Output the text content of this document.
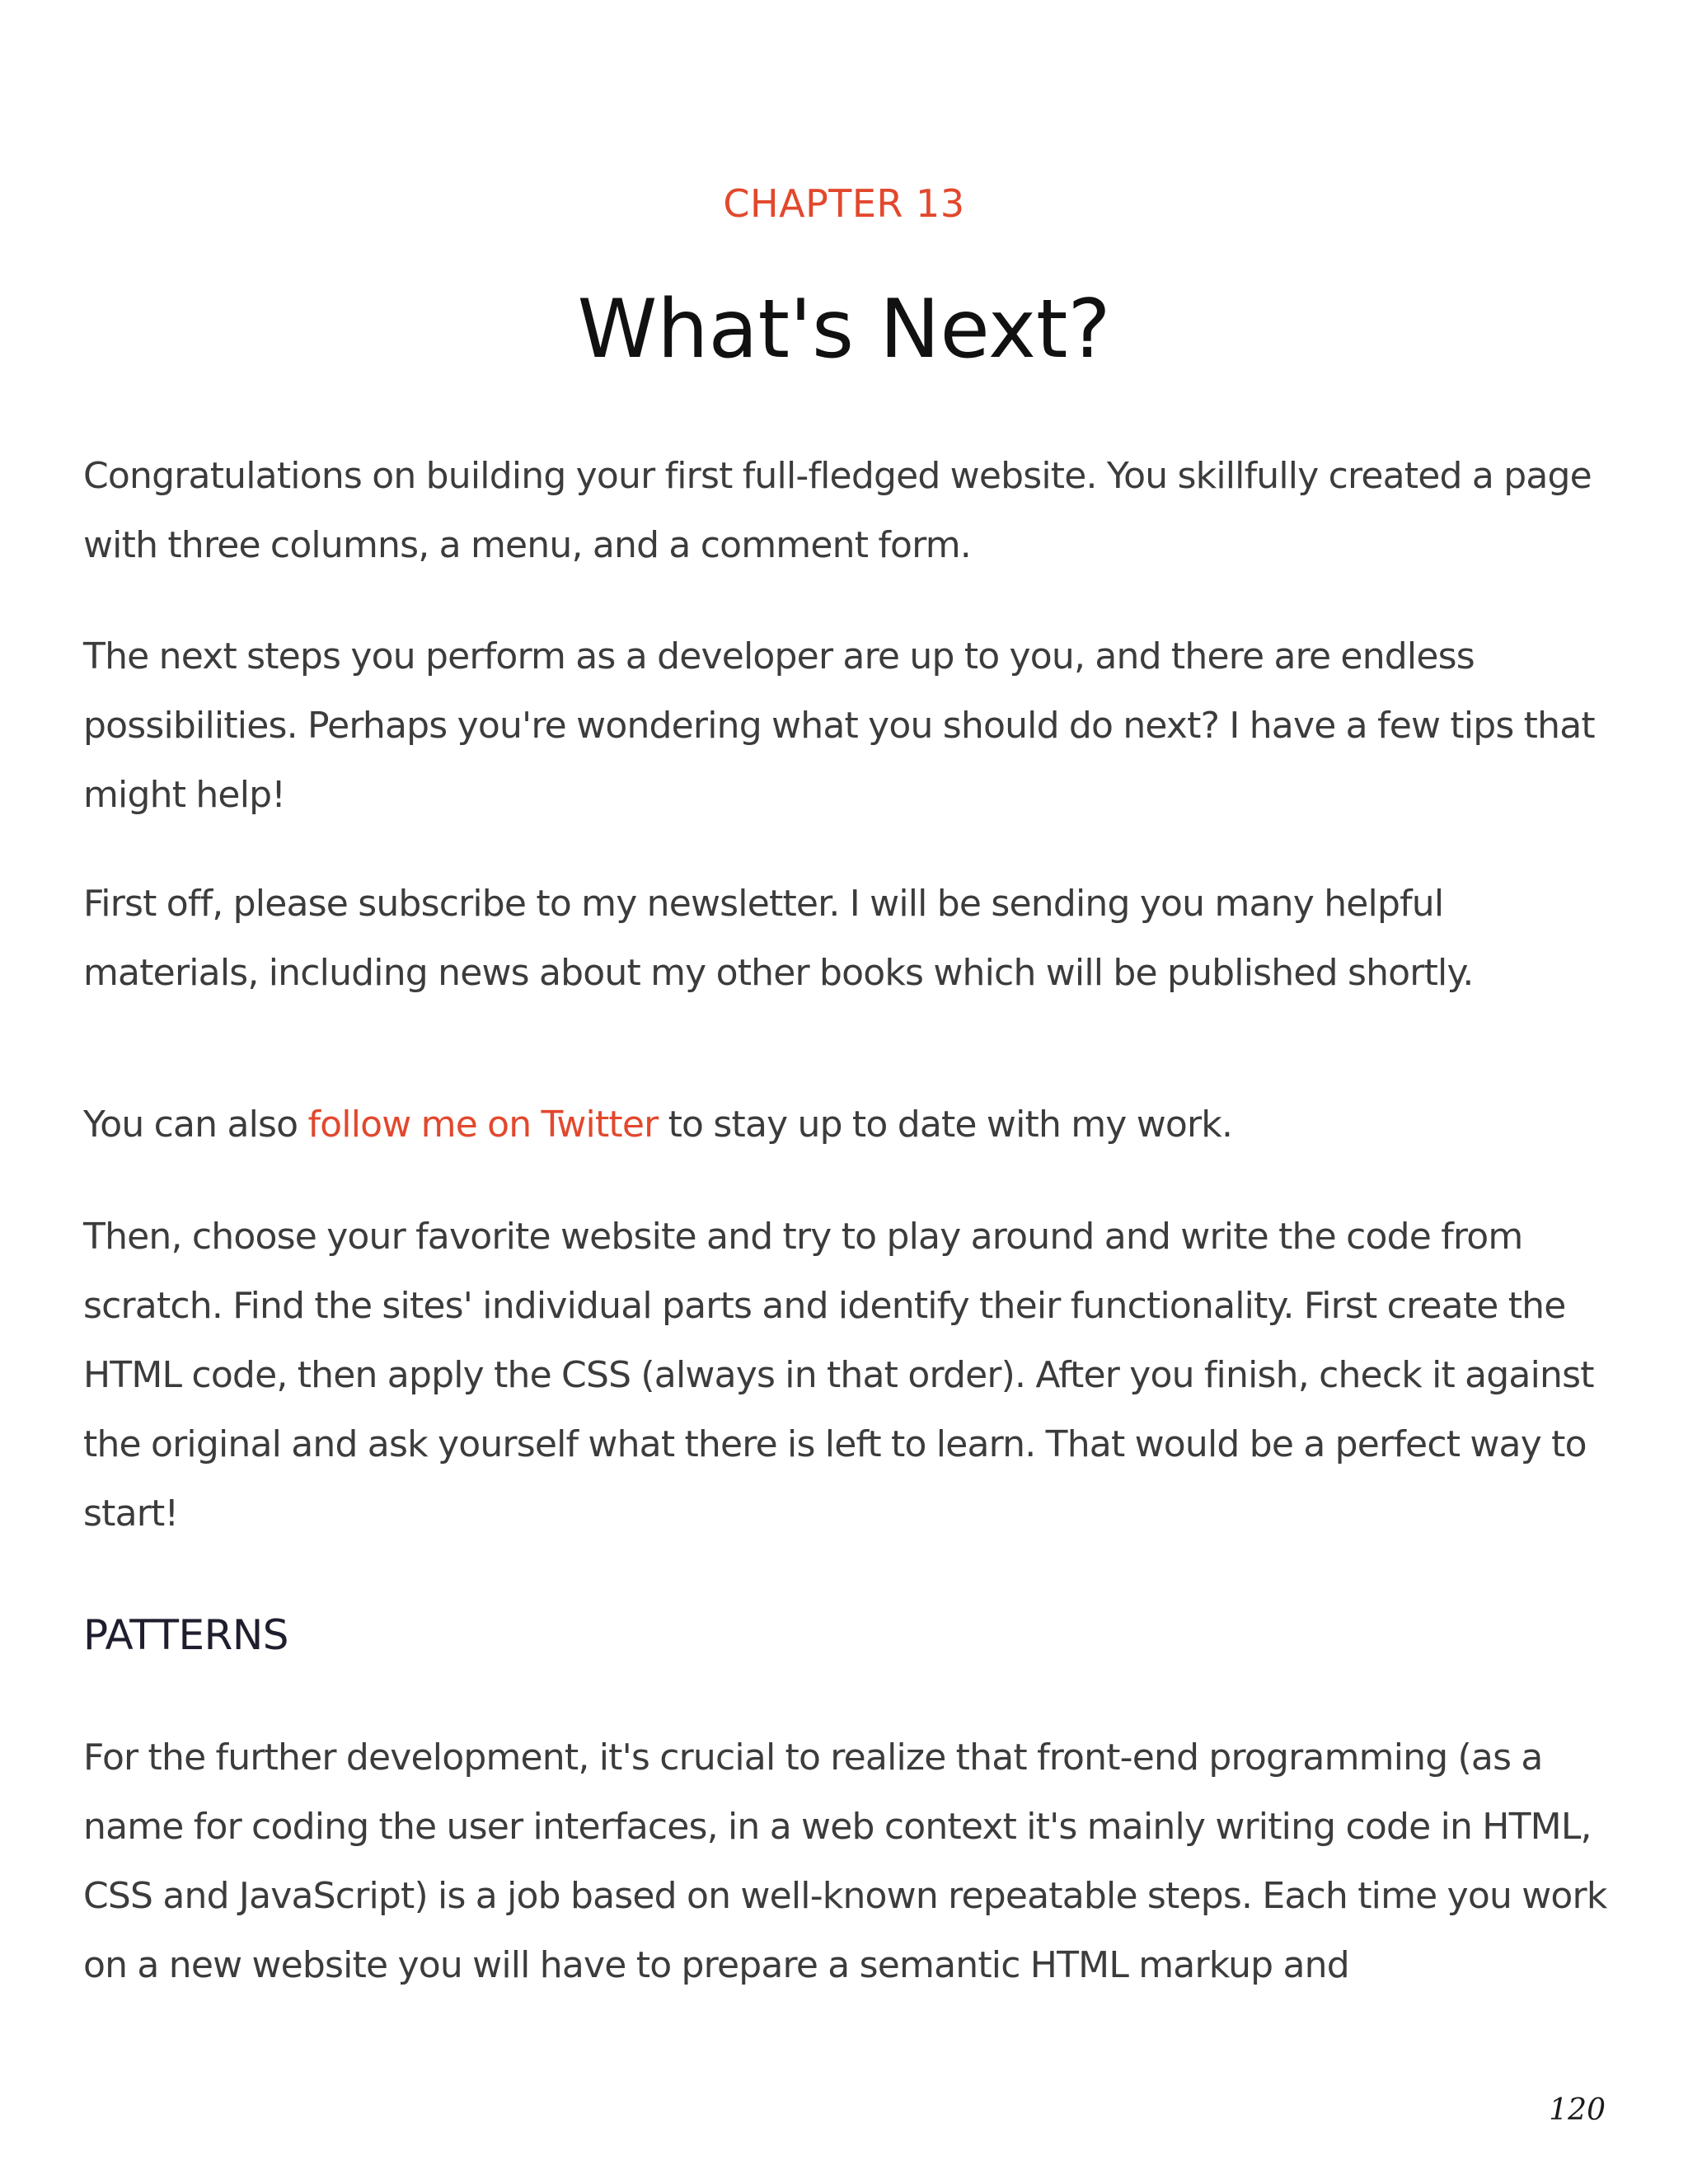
CHAPTER 13
What's Next?

Congratulations on building your first full-fledged website. You skillfully created a page with three columns, a menu, and a comment form.

The next steps you perform as a developer are up to you, and there are endless possibilities. Perhaps you're wondering what you should do next? I have a few tips that might help!

First off, please subscribe to my newsletter. I will be sending you many helpful materials, including news about my other books which will be published shortly.

You can also follow me on Twitter to stay up to date with my work.

Then, choose your favorite website and try to play around and write the code from scratch. Find the sites' individual parts and identify their functionality. First create the HTML code, then apply the CSS (always in that order). After you finish, check it against the original and ask yourself what there is left to learn. That would be a perfect way to start!

PATTERNS

For the further development, it's crucial to realize that front-end programming (as a name for coding the user interfaces, in a web context it's mainly writing code in HTML, CSS and JavaScript) is a job based on well-known repeatable steps. Each time you work on a new website you will have to prepare a semantic HTML markup and

120
